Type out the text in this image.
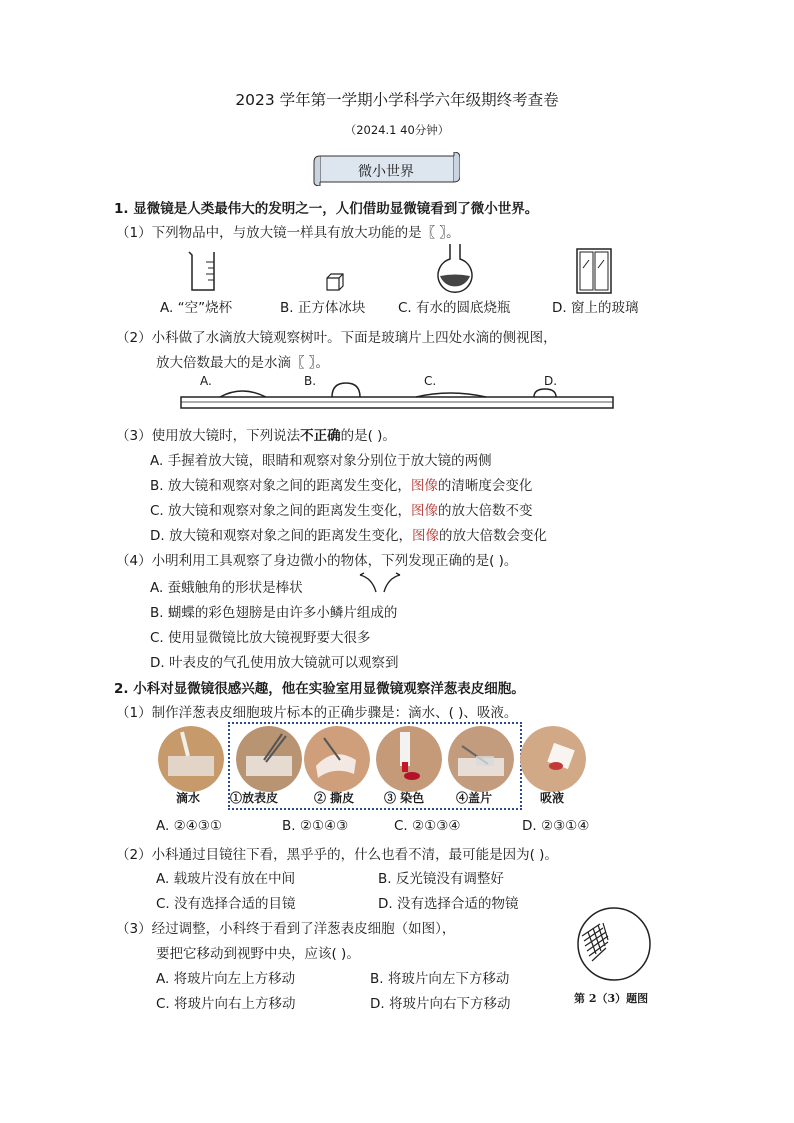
2023 学年第一学期小学科学六年级期终考查卷
（2024.1 40分钟）
微小世界
1. 显微镜是人类最伟大的发明之一，人们借助显微镜看到了微小世界。
（1）下列物品中，与放大镜一样具有放大功能的是〖 〗。
A. “空”烧杯	B. 正方体冰块 C. 有水的圆底烧瓶	D. 窗上的玻璃
（2）小科做了水滴放大镜观察树叶。下面是玻璃片上四处水滴的侧视图，
放大倍数最大的是水滴〖 〗。
A.	B.	C.	D.
（3）使用放大镜时，下列说法不正确的是( )。
A. 手握着放大镜，眼睛和观察对象分别位于放大镜的两侧
B. 放大镜和观察对象之间的距离发生变化，图像的清晰度会变化
C. 放大镜和观察对象之间的距离发生变化，图像的放大倍数不变
D. 放大镜和观察对象之间的距离发生变化，图像的放大倍数会变化
（4）小明利用工具观察了身边微小的物体，下列发现正确的是( )。
A. 蚕蛾触角的形状是棒状
B. 蝴蝶的彩色翅膀是由许多小鳞片组成的
C. 使用显微镜比放大镜视野要大很多
D. 叶表皮的气孔使用放大镜就可以观察到
2. 小科对显微镜很感兴趣，他在实验室用显微镜观察洋葱表皮细胞。
（1）制作洋葱表皮细胞玻片标本的正确步骤是：滴水、( )、吸液。
滴水 ①放表皮	② 撕皮 ③ 染色	④盖片	吸液
A. ②④③①	B. ②①④③	C. ②①③④	D. ②③①④
（2）小科通过目镜往下看，黑乎乎的，什么也看不清，最可能是因为( )。
A. 载玻片没有放在中间	B. 反光镜没有调整好
C. 没有选择合适的目镜	D. 没有选择合适的物镜
（3）经过调整，小科终于看到了洋葱表皮细胞（如图），
要把它移动到视野中央，应该( )。
A. 将玻片向左上方移动	B. 将玻片向左下方移动
C. 将玻片向右上方移动	D. 将玻片向右下方移动	第 2（3）题图
